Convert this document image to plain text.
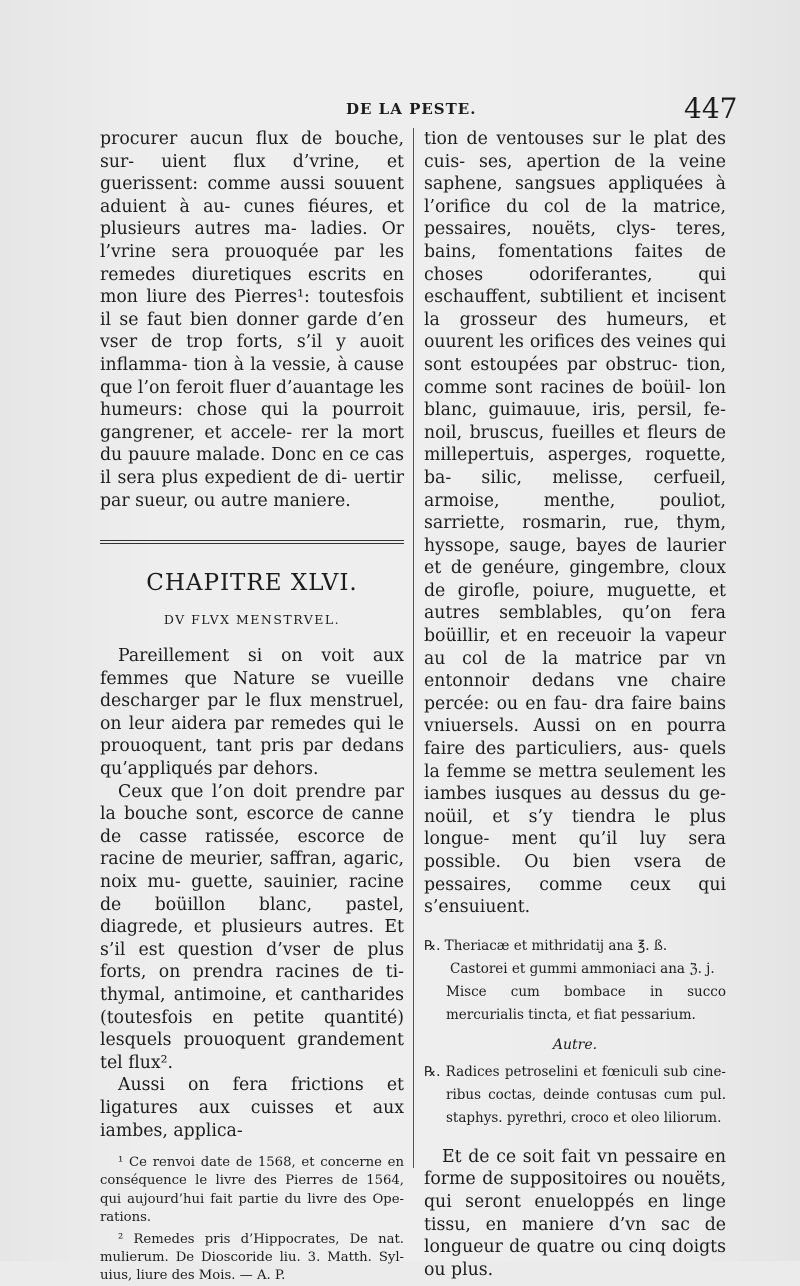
DE LA PESTE.	447

procurer aucun flux de bouche, sur- uient flux d’vrine, et guerissent: comme aussi souuent aduient à au- cunes fiéures, et plusieurs autres ma- ladies. Or l’vrine sera prouoquée par les remedes diuretiques escrits en mon liure des Pierres¹: toutesfois il se faut bien donner garde d’en vser de trop forts, s’il y auoit inflamma- tion à la vessie, à cause que l’on feroit fluer d’auantage les humeurs: chose qui la pourroit gangrener, et accele- rer la mort du pauure malade. Donc en ce cas il sera plus expedient de di- uertir par sueur, ou autre maniere.

CHAPITRE XLVI.
DV FLVX MENSTRVEL.

Pareillement si on voit aux femmes que Nature se vueille descharger par le flux menstruel, on leur aidera par remedes qui le prouoquent, tant pris par dedans qu’appliqués par dehors.

Ceux que l’on doit prendre par la bouche sont, escorce de canne de casse ratissée, escorce de racine de meurier, saffran, agaric, noix mu- guette, sauinier, racine de boüillon blanc, pastel, diagrede, et plusieurs autres. Et s’il est question d’vser de plus forts, on prendra racines de ti- thymal, antimoine, et cantharides (toutesfois en petite quantité) lesquels prouoquent grandement tel flux².

Aussi on fera frictions et ligatures aux cuisses et aux iambes, applica-

¹ Ce renvoi date de 1568, et concerne en conséquence le livre des Pierres de 1564, qui aujourd’hui fait partie du livre des Ope- rations.

² Remedes pris d’Hippocrates, De nat. mulierum. De Dioscoride liu. 3. Matth. Syl- uius, liure des Mois. — A. P.

tion de ventouses sur le plat des cuis- ses, apertion de la veine saphene, sangsues appliquées à l’orifice du col de la matrice, pessaires, nouëts, clys- teres, bains, fomentations faites de choses odoriferantes, qui eschauffent, subtilient et incisent la grosseur des humeurs, et ouurent les orifices des veines qui sont estoupées par obstruc- tion, comme sont racines de boüil- lon blanc, guimauue, iris, persil, fe- noil, bruscus, fueilles et fleurs de millepertuis, asperges, roquette, ba- silic, melisse, cerfueil, armoise, menthe, pouliot, sarriette, rosmarin, rue, thym, hyssope, sauge, bayes de laurier et de genéure, gingembre, cloux de girofle, poiure, muguette, et autres semblables, qu’on fera boüillir, et en receuoir la vapeur au col de la matrice par vn entonnoir dedans vne chaire percée: ou en fau- dra faire bains vniuersels. Aussi on en pourra faire des particuliers, aus- quels la femme se mettra seulement les iambes iusques au dessus du ge- noüil, et s’y tiendra le plus longue- ment qu’il luy sera possible. Ou bien vsera de pessaires, comme ceux qui s’ensuiuent.

℞. Theriacæ et mithridatij ana ℥. ß.

Castorei et gummi ammoniaci ana ℨ. j.

Misce cum bombace in succo mercurialis tincta, et fiat pessarium.

Autre.

℞. Radices petroselini et fœniculi sub cine- ribus coctas, deinde contusas cum pul. staphys. pyrethri, croco et oleo liliorum.

Et de ce soit fait vn pessaire en forme de suppositoires ou nouëts, qui seront enueloppés en linge tissu, en maniere d’vn sac de longueur de quatre ou cinq doigts ou plus.
